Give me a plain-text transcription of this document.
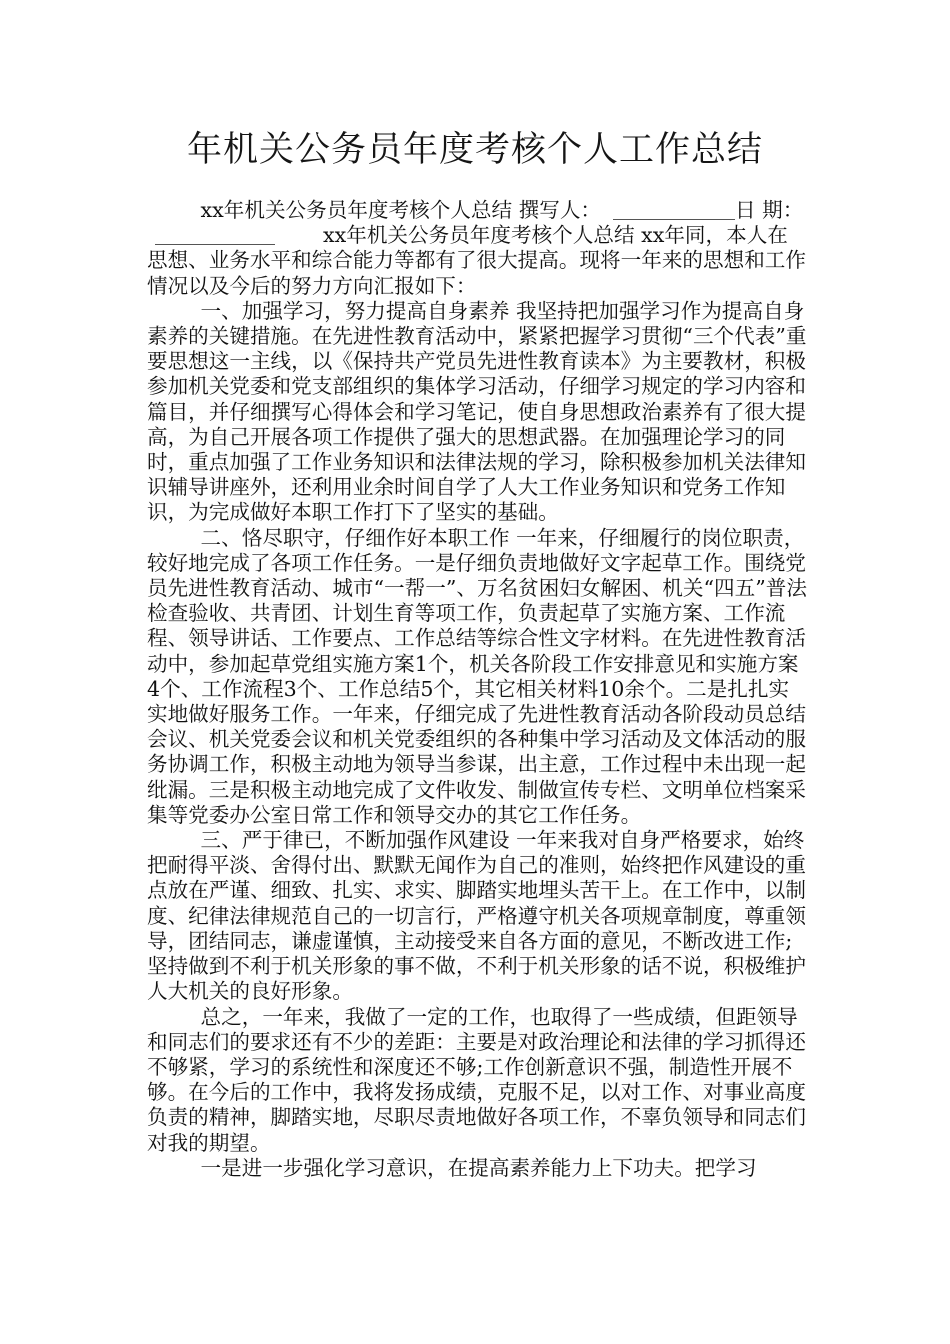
年机关公务员年度考核个人工作总结

xx年机关公务员年度考核个人总结 撰写人：	日 期：xx年机关公务员年度考核个人总结 xx年同，本人在思想、业务水平和综合能力等都有了很大提高。现将一年来的思想和工作情况以及今后的努力方向汇报如下：

一、加强学习，努力提高自身素养 我坚持把加强学习作为提高自身素养的关键措施。在先进性教育活动中，紧紧把握学习贯彻“三个代表”重要思想这一主线，以《保持共产党员先进性教育读本》为主要教材，积极参加机关党委和党支部组织的集体学习活动，仔细学习规定的学习内容和篇目，并仔细撰写心得体会和学习笔记，使自身思想政治素养有了很大提高，为自己开展各项工作提供了强大的思想武器。在加强理论学习的同时，重点加强了工作业务知识和法律法规的学习，除积极参加机关法律知识辅导讲座外，还利用业余时间自学了人大工作业务知识和党务工作知识，为完成做好本职工作打下了坚实的基础。

二、恪尽职守，仔细作好本职工作 一年来，仔细履行的岗位职责，较好地完成了各项工作任务。一是仔细负责地做好文字起草工作。围绕党员先进性教育活动、城市“一帮一”、万名贫困妇女解困、机关“四五”普法检查验收、共青团、计划生育等项工作，负责起草了实施方案、工作流程、领导讲话、工作要点、工作总结等综合性文字材料。在先进性教育活动中，参加起草党组实施方案1个，机关各阶段工作安排意见和实施方案4个、工作流程3个、工作总结5个，其它相关材料10余个。二是扎扎实实地做好服务工作。一年来，仔细完成了先进性教育活动各阶段动员总结会议、机关党委会议和机关党委组织的各种集中学习活动及文体活动的服务协调工作，积极主动地为领导当参谋，出主意，工作过程中未出现一起纰漏。三是积极主动地完成了文件收发、制做宣传专栏、文明单位档案采集等党委办公室日常工作和领导交办的其它工作任务。

三、严于律已，不断加强作风建设 一年来我对自身严格要求，始终把耐得平淡、舍得付出、默默无闻作为自己的准则，始终把作风建设的重点放在严谨、细致、扎实、求实、脚踏实地埋头苦干上。在工作中，以制度、纪律法律规范自己的一切言行，严格遵守机关各项规章制度，尊重领导，团结同志，谦虚谨慎，主动接受来自各方面的意见，不断改进工作;坚持做到不利于机关形象的事不做，不利于机关形象的话不说，积极维护人大机关的良好形象。

总之，一年来，我做了一定的工作，也取得了一些成绩，但距领导和同志们的要求还有不少的差距：主要是对政治理论和法律的学习抓得还不够紧，学习的系统性和深度还不够;工作创新意识不强，制造性开展不够。在今后的工作中，我将发扬成绩，克服不足，以对工作、对事业高度负责的精神，脚踏实地，尽职尽责地做好各项工作，不辜负领导和同志们对我的期望。

一是进一步强化学习意识，在提高素养能力上下功夫。把学习
